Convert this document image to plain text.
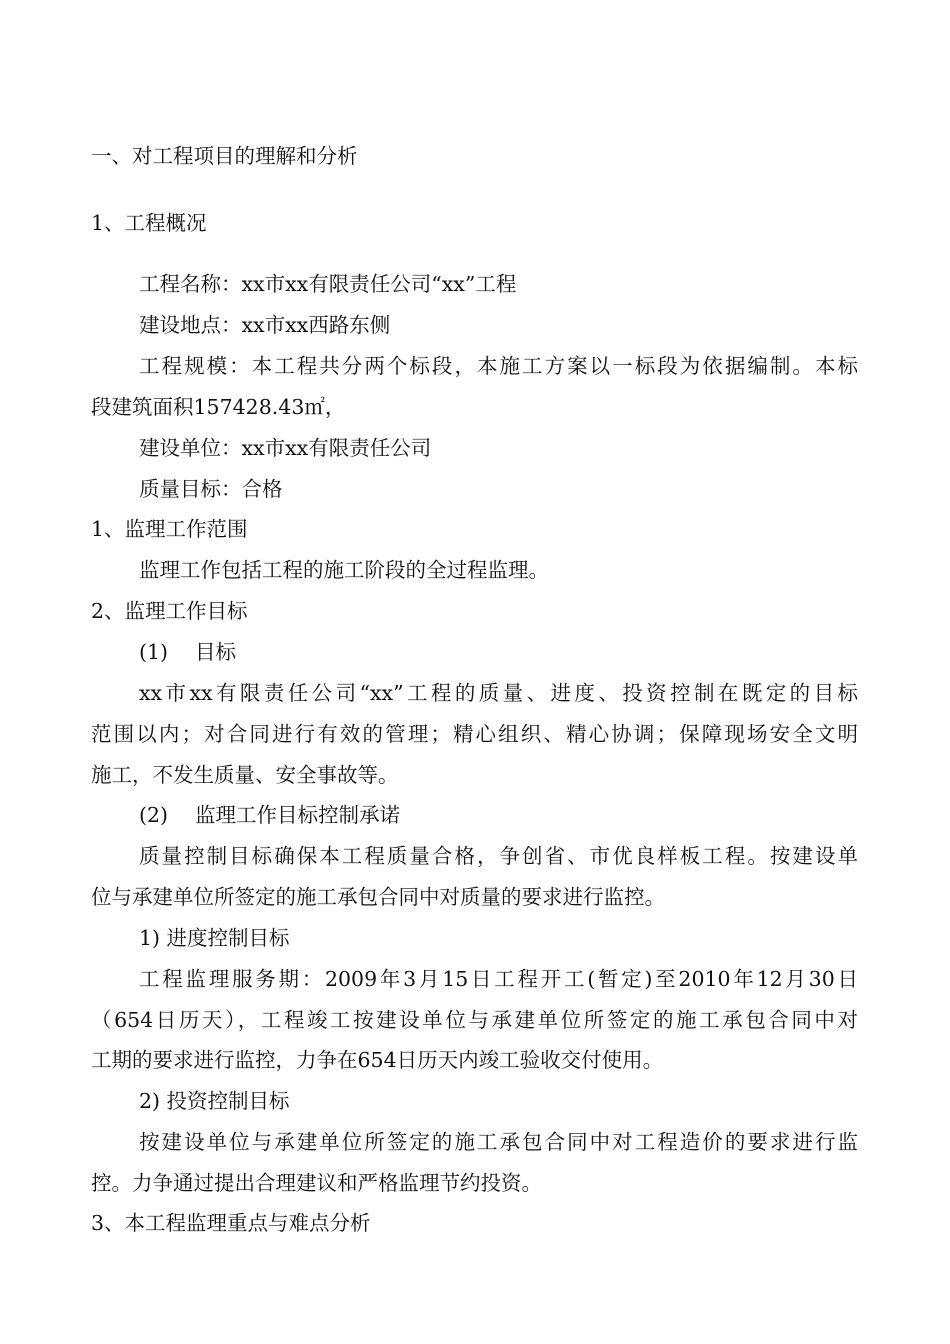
一、对工程项目的理解和分析
1、工程概况
工程名称：xx市xx有限责任公司“xx”工程
建设地点：xx市xx西路东侧
工程规模：本工程共分两个标段，本施工方案以一标段为依据编制。本标
段建筑面积157428.43㎡，
建设单位：xx市xx有限责任公司
质量目标：合格
1、监理工作范围
监理工作包括工程的施工阶段的全过程监理。
2、监理工作目标
(1)　 目标
xx市xx有限责任公司“xx”工程的质量、进度、投资控制在既定的目标
范围以内；对合同进行有效的管理；精心组织、精心协调；保障现场安全文明
施工，不发生质量、安全事故等。
(2)　 监理工作目标控制承诺
质量控制目标确保本工程质量合格，争创省、市优良样板工程。按建设单
位与承建单位所签定的施工承包合同中对质量的要求进行监控。
1) 进度控制目标
工程监理服务期：2009年3月15日工程开工(暂定)至2010年12月30日
（654日历天），工程竣工按建设单位与承建单位所签定的施工承包合同中对
工期的要求进行监控，力争在654日历天内竣工验收交付使用。
2) 投资控制目标
按建设单位与承建单位所签定的施工承包合同中对工程造价的要求进行监
控。力争通过提出合理建议和严格监理节约投资。
3、本工程监理重点与难点分析
